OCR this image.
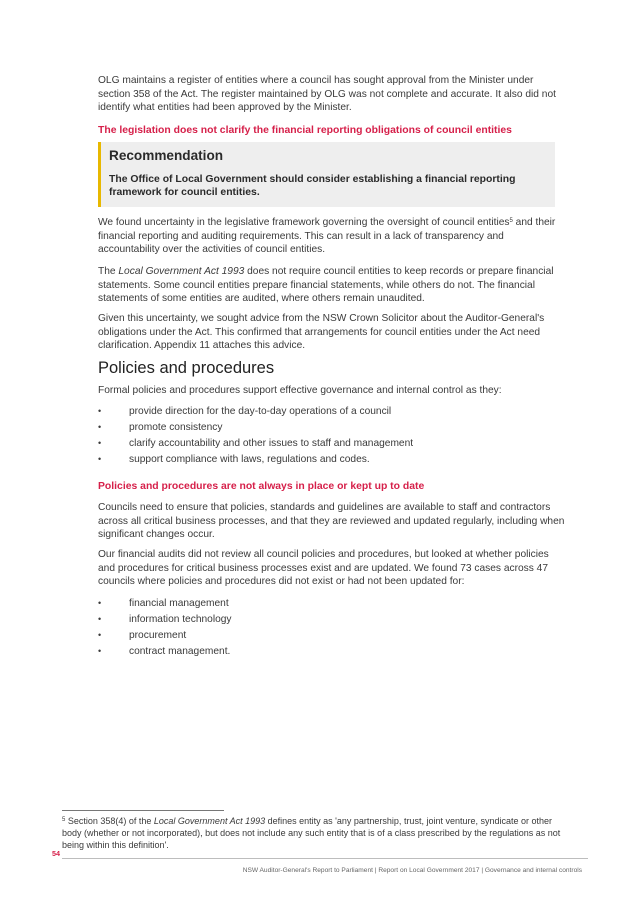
OLG maintains a register of entities where a council has sought approval from the Minister under section 358 of the Act. The register maintained by OLG was not complete and accurate. It also did not identify what entities had been approved by the Minister.

The legislation does not clarify the financial reporting obligations of council entities

Recommendation

The Office of Local Government should consider establishing a financial reporting framework for council entities.

We found uncertainty in the legislative framework governing the oversight of council entities$^5$ and their financial reporting and auditing requirements. This can result in a lack of transparency and accountability over the activities of council entities.

The Local Government Act 1993 does not require council entities to keep records or prepare financial statements. Some council entities prepare financial statements, while others do not. The financial statements of some entities are audited, where others remain unaudited.

Given this uncertainty, we sought advice from the NSW Crown Solicitor about the Auditor-General's obligations under the Act. This confirmed that arrangements for council entities under the Act need clarification. Appendix 11 attaches this advice.

Policies and procedures

Formal policies and procedures support effective governance and internal control as they:

•	provide direction for the day-to-day operations of a council
•	promote consistency
•	clarify accountability and other issues to staff and management
•	support compliance with laws, regulations and codes.

Policies and procedures are not always in place or kept up to date

Councils need to ensure that policies, standards and guidelines are available to staff and contractors across all critical business processes, and that they are reviewed and updated regularly, including when significant changes occur.

Our financial audits did not review all council policies and procedures, but looked at whether policies and procedures for critical business processes exist and are updated. We found 73 cases across 47 councils where policies and procedures did not exist or had not been updated for:

•	financial management
•	information technology
•	procurement
•	contract management.

$^5$ Section 358(4) of the Local Government Act 1993 defines entity as 'any partnership, trust, joint venture, syndicate or other body (whether or not incorporated), but does not include any such entity that is of a class prescribed by the regulations as not being within this definition'.

54
NSW Auditor-General's Report to Parliament | Report on Local Government 2017 | Governance and internal controls
